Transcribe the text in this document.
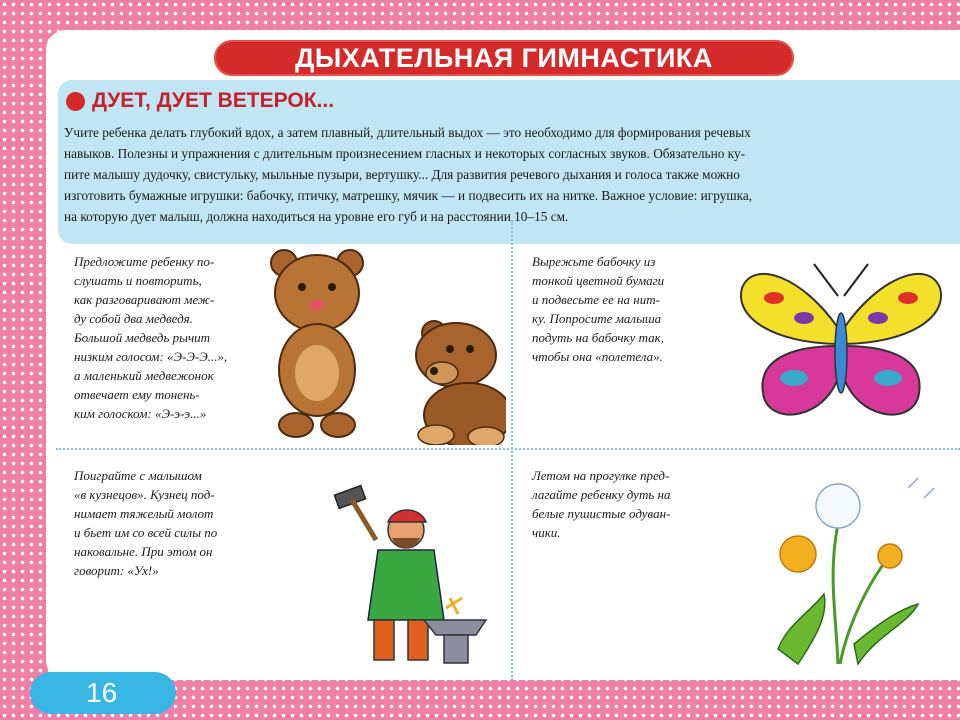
ДЫХАТЕЛЬНАЯ ГИМНАСТИКА
ДУЕТ, ДУЕТ ВЕТЕРОК...
Учите ребенка делать глубокий вдох, а затем плавный, длительный выдох — это необходимо для формирования речевых
навыков. Полезны и упражнения с длительным произнесением гласных и некоторых согласных звуков. Обязательно ку-
пите малышу дудочку, свистульку, мыльные пузыри, вертушку... Для развития речевого дыхания и голоса также можно
изготовить бумажные игрушки: бабочку, птичку, матрешку, мячик — и подвесить их на нитке. Важное условие: игрушка,
на которую дует малыш, должна находиться на уровне его губ и на расстоянии 10–15 см.
Предложите ребенку по-
слушать и повторить,
как разговаривают меж-
ду собой два медведя.
Большой медведь рычит
низким голосом: «Э-Э-Э...»,
а маленький медвежонок
отвечает ему тонень-
ким голоском: «Э-э-э...»
Вырежьте бабочку из
тонкой цветной бумаги
и подвесьте ее на нит-
ку. Попросите малыша
подуть на бабочку так,
чтобы она «полетела».
Поиграйте с малышом
«в кузнецов». Кузнец под-
нимает тяжелый молот
и бьет им со всей силы по
наковальне. При этом он
говорит: «Ух!»
Летом на прогулке пред-
лагайте ребенку дуть на
белые пушистые одуван-
чики.
16
